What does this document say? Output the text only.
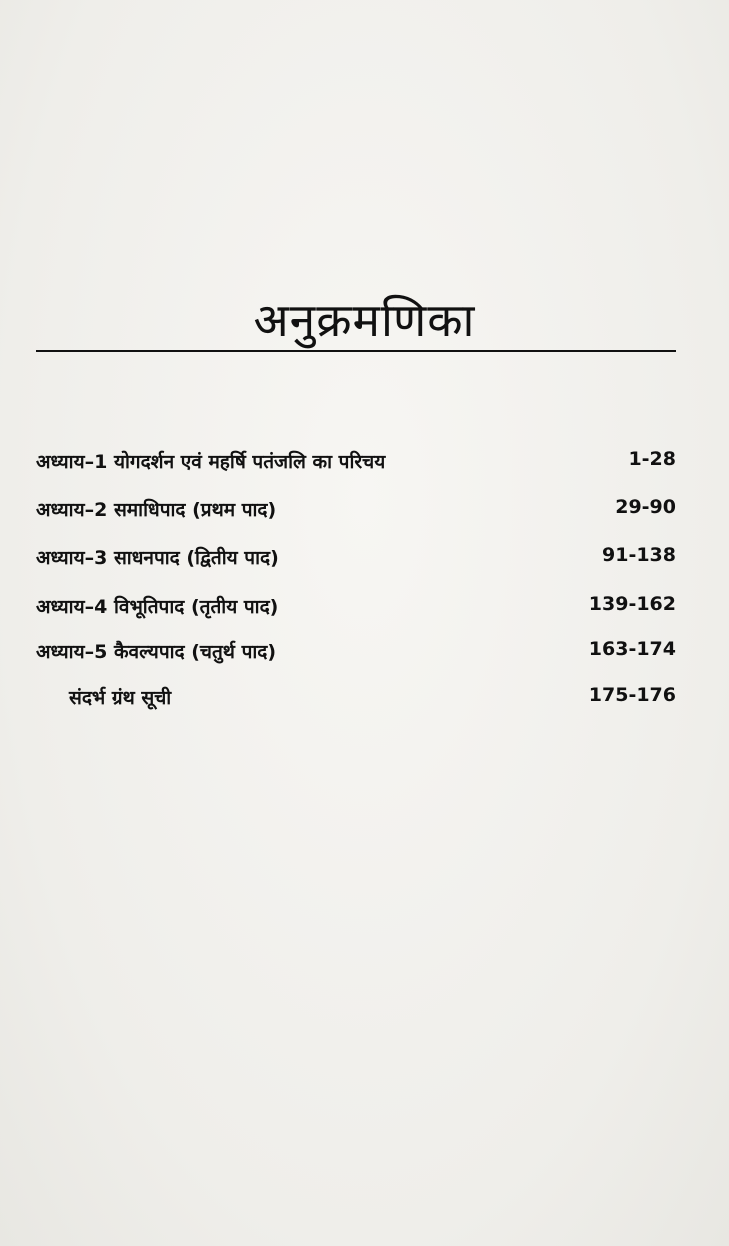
अनुक्रमणिका
अध्याय–1 योगदर्शन एवं महर्षि पतंजलि का परिचय	1-28
अध्याय–2 समाधिपाद (प्रथम पाद)	29-90
अध्याय–3 साधनपाद (द्वितीय पाद)	91-138
अध्याय–4 विभूतिपाद (तृतीय पाद)	139-162
अध्याय–5 कैवल्यपाद (चतुर्थ पाद)	163-174
संदर्भ ग्रंथ सूची	175-176
